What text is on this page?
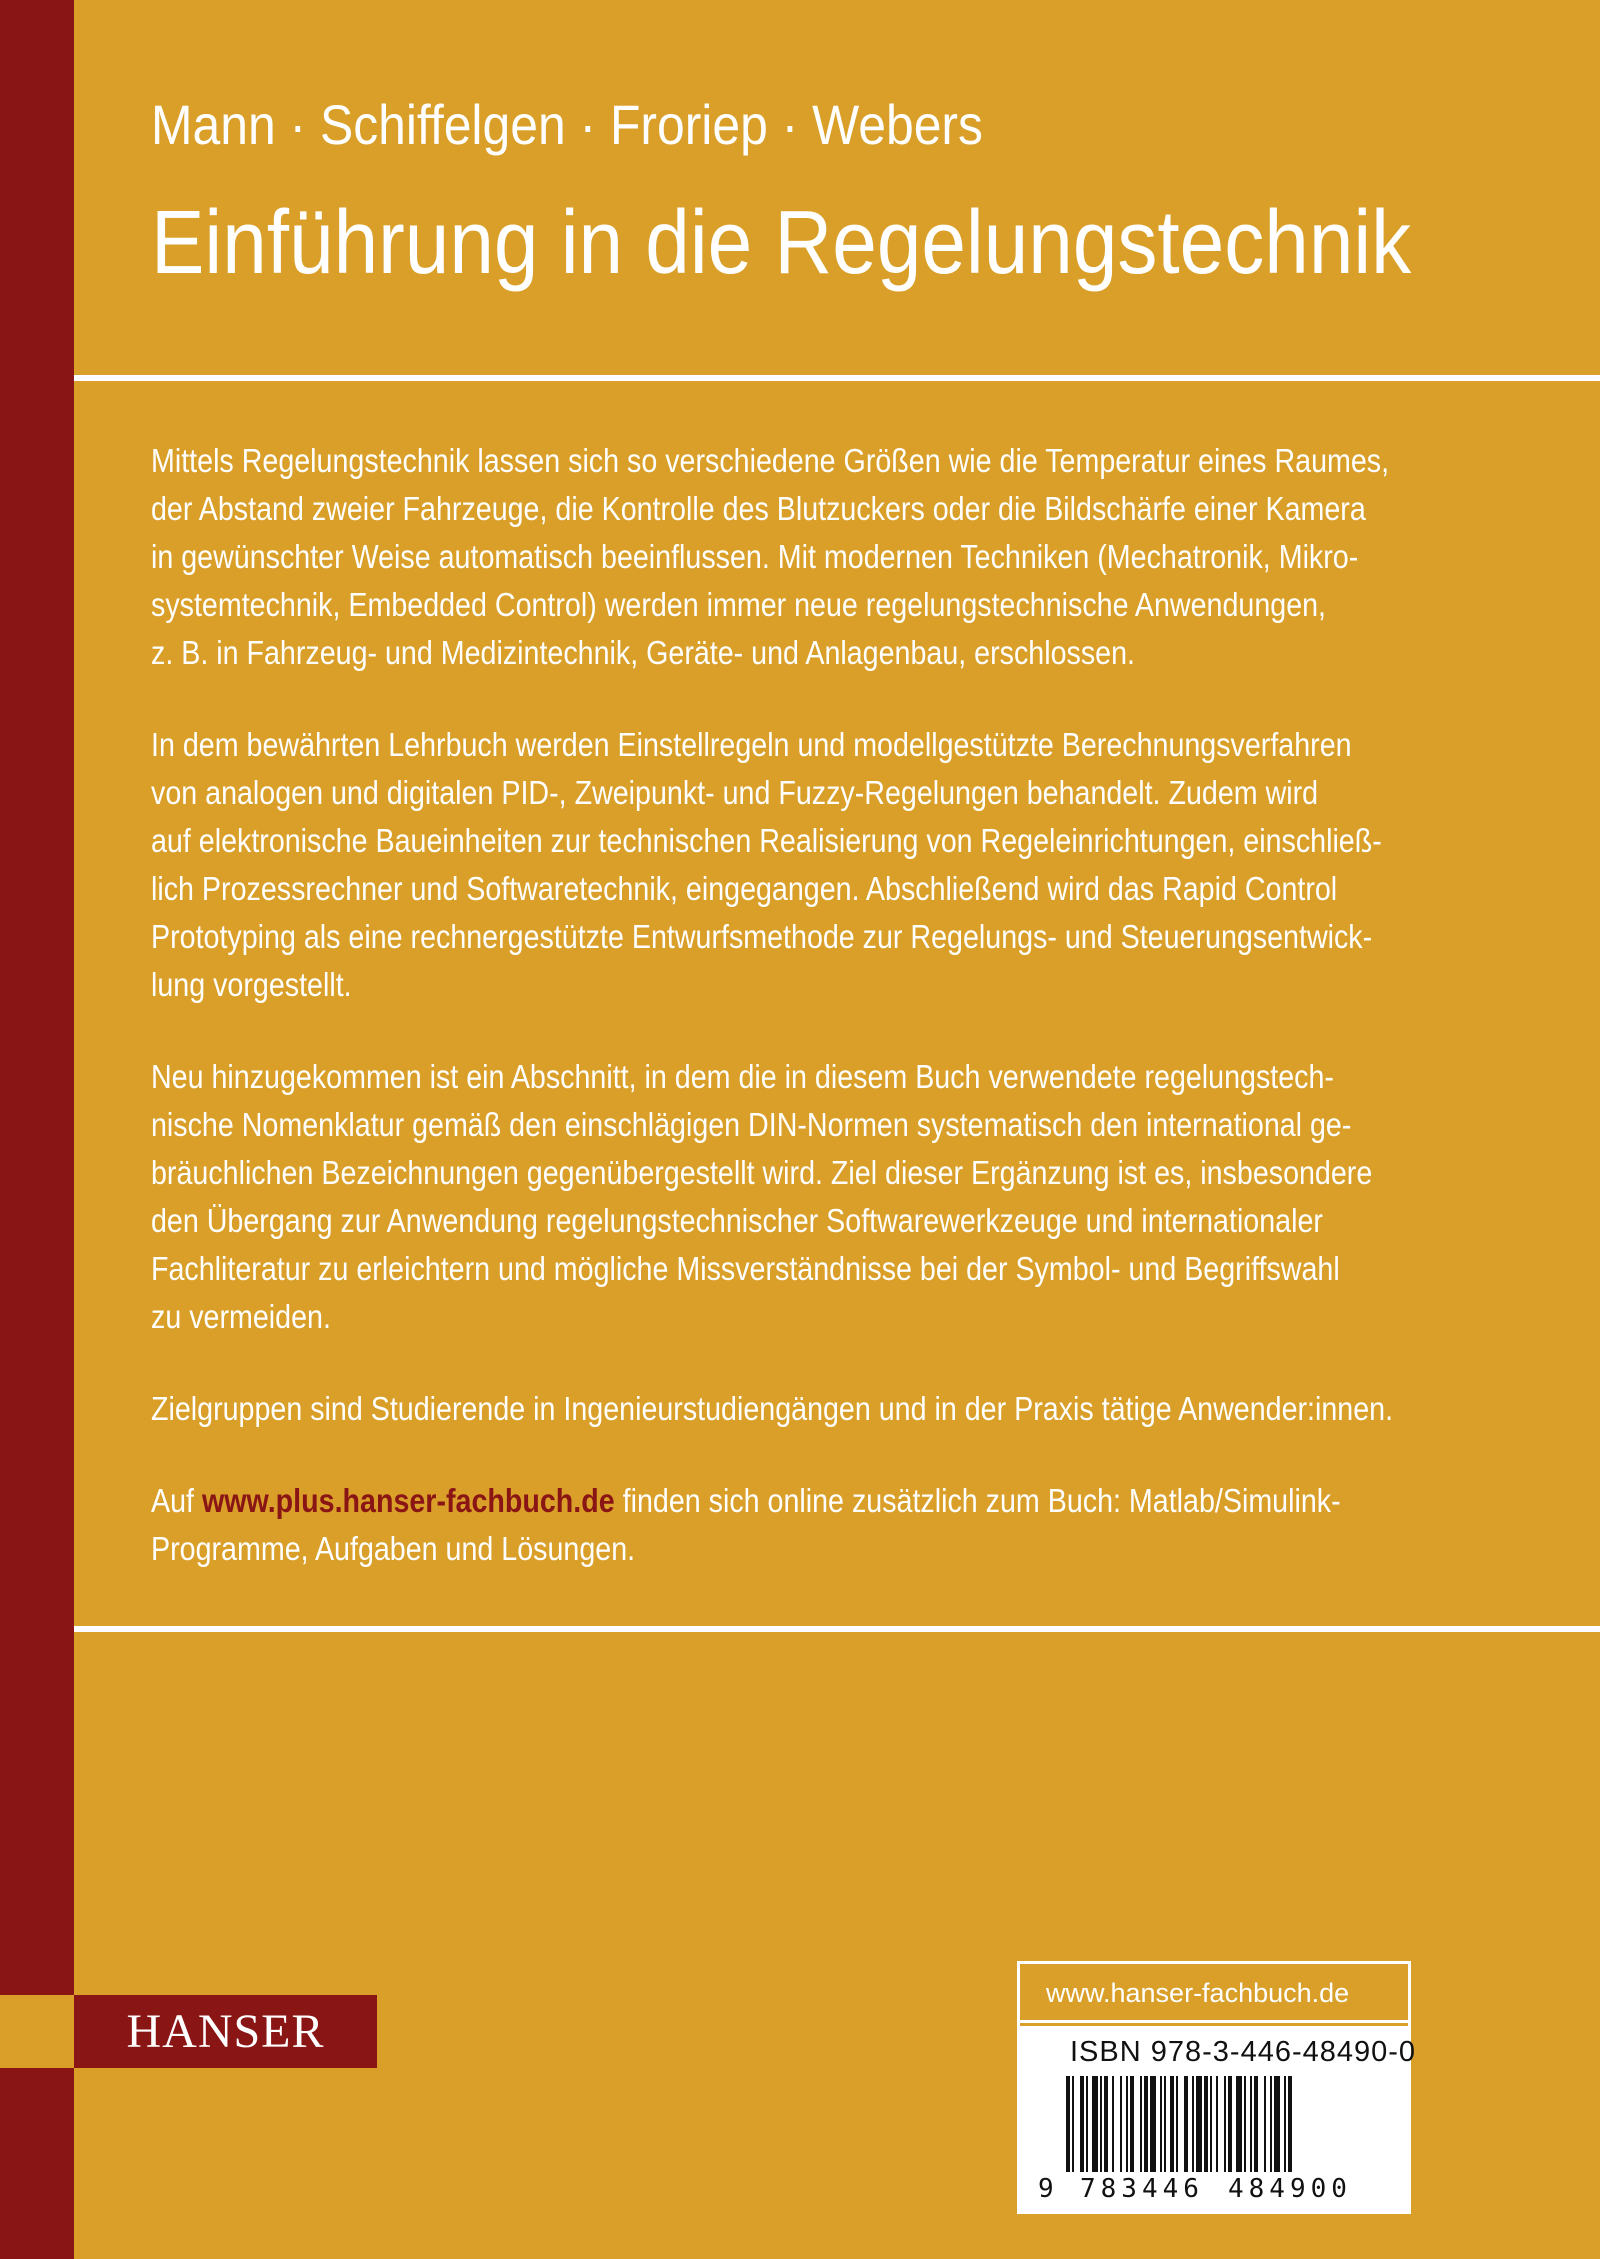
Mann · Schiffelgen · Froriep · Webers
Einführung in die Regelungstechnik

Mittels Regelungstechnik lassen sich so verschiedene Größen wie die Temperatur eines Raumes,
der Abstand zweier Fahrzeuge, die Kontrolle des Blutzuckers oder die Bildschärfe einer Kamera
in gewünschter Weise automatisch beeinflussen. Mit modernen Techniken (Mechatronik, Mikro-
systemtechnik, Embedded Control) werden immer neue regelungstechnische Anwendungen,
z. B. in Fahrzeug- und Medizintechnik, Geräte- und Anlagenbau, erschlossen.

In dem bewährten Lehrbuch werden Einstellregeln und modellgestützte Berechnungsverfahren
von analogen und digitalen PID-, Zweipunkt- und Fuzzy-Regelungen behandelt. Zudem wird
auf elektronische Baueinheiten zur technischen Realisierung von Regeleinrichtungen, einschließ-
lich Prozessrechner und Softwaretechnik, eingegangen. Abschließend wird das Rapid Control
Prototyping als eine rechnergestützte Entwurfsmethode zur Regelungs- und Steuerungsentwick-
lung vorgestellt.

Neu hinzugekommen ist ein Abschnitt, in dem die in diesem Buch verwendete regelungstech-
nische Nomenklatur gemäß den einschlägigen DIN-Normen systematisch den international ge-
bräuchlichen Bezeichnungen gegenübergestellt wird. Ziel dieser Ergänzung ist es, insbesondere
den Übergang zur Anwendung regelungstechnischer Softwarewerkzeuge und internationaler
Fachliteratur zu erleichtern und mögliche Missverständnisse bei der Symbol- und Begriffswahl
zu vermeiden.

Zielgruppen sind Studierende in Ingenieurstudiengängen und in der Praxis tätige Anwender:innen.

Auf www.plus.hanser-fachbuch.de finden sich online zusätzlich zum Buch: Matlab/Simulink-
Programme, Aufgaben und Lösungen.

HANSER
www.hanser-fachbuch.de
ISBN 978-3-446-48490-0
9 783446 484900
